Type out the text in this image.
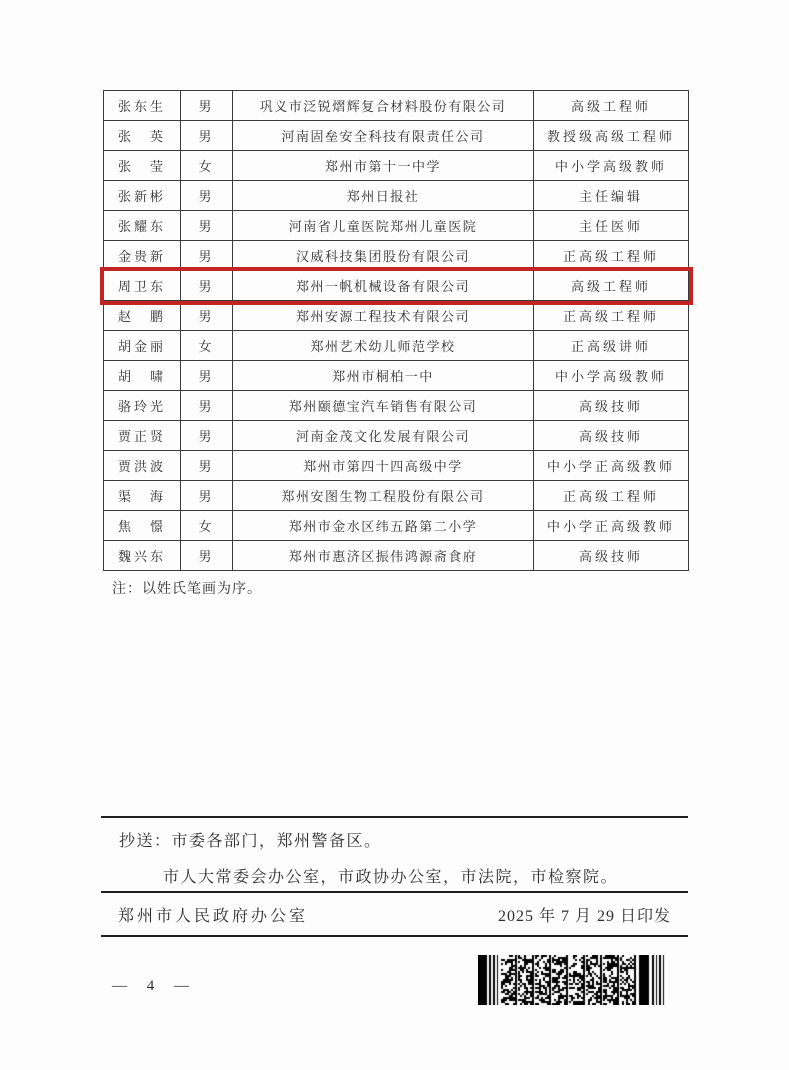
张东生	男	巩义市泛锐熠辉复合材料股份有限公司	高级工程师
张　英	男	河南固垒安全科技有限责任公司	教授级高级工程师
张　莹	女	郑州市第十一中学	中小学高级教师
张新彬	男	郑州日报社	主任编辑
张耀东	男	河南省儿童医院郑州儿童医院	主任医师
金贵新	男	汉威科技集团股份有限公司	正高级工程师
周卫东	男	郑州一帆机械设备有限公司	高级工程师
赵　鹏	男	郑州安源工程技术有限公司	正高级工程师
胡金丽	女	郑州艺术幼儿师范学校	正高级讲师
胡　啸	男	郑州市桐柏一中	中小学高级教师
骆玲光	男	郑州颐德宝汽车销售有限公司	高级技师
贾正贤	男	河南金茂文化发展有限公司	高级技师
贾洪波	男	郑州市第四十四高级中学	中小学正高级教师
渠　海	男	郑州安图生物工程股份有限公司	正高级工程师
焦　憬	女	郑州市金水区纬五路第二小学	中小学正高级教师
魏兴东	男	郑州市惠济区振伟鸿源斋食府	高级技师
注：以姓氏笔画为序。
抄送：市委各部门，郑州警备区。
市人大常委会办公室，市政协办公室，市法院，市检察院。
郑州市人民政府办公室	2025 年 7 月 29 日印发
— 4 —
